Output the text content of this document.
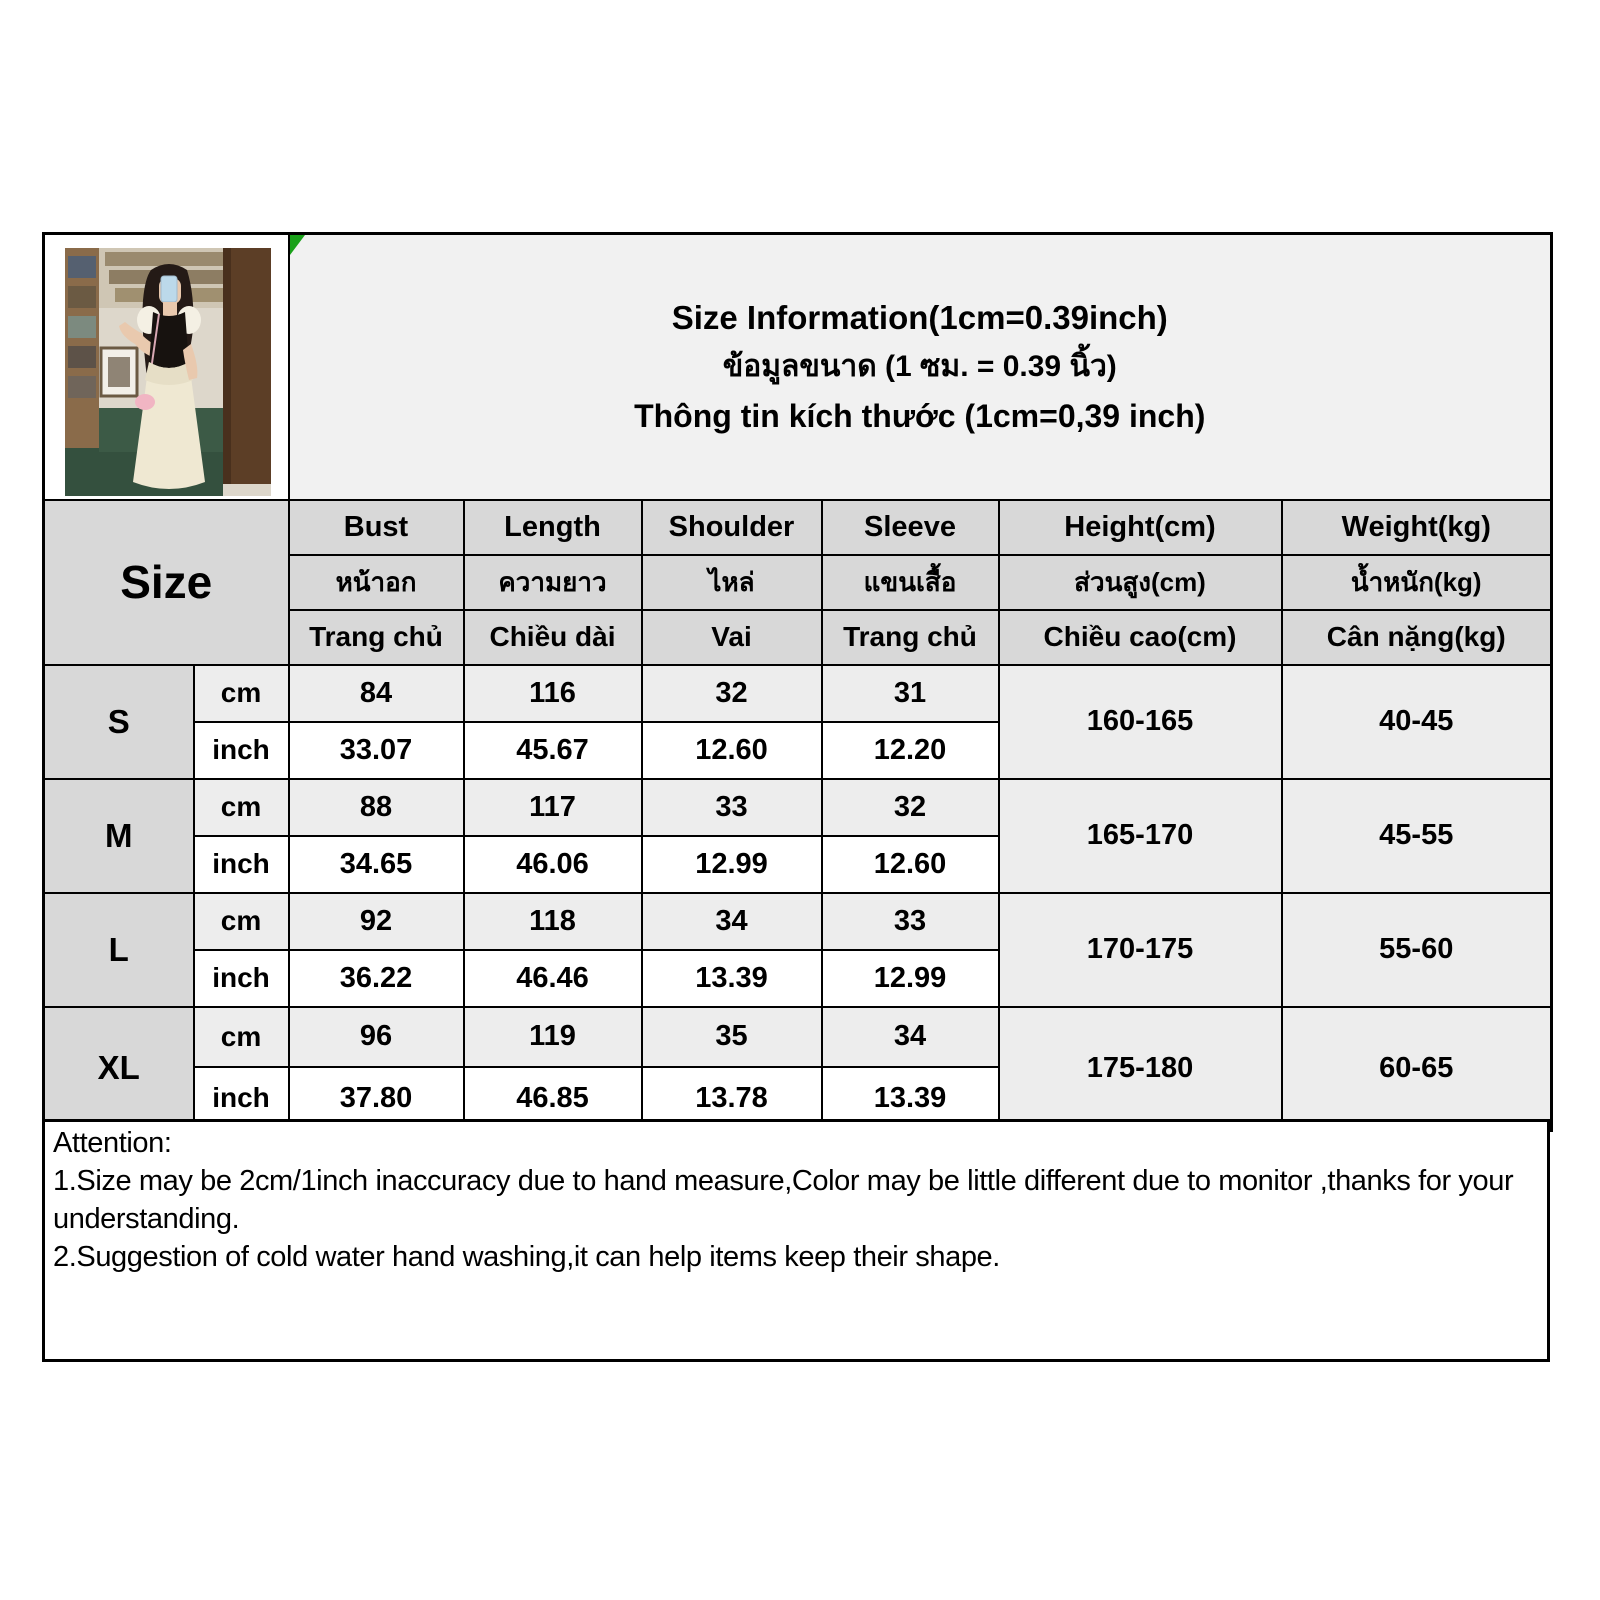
Size Information(1cm=0.39inch)
ข้อมูลขนาด (1 ซม. = 0.39 นิ้ว)
Thông tin kích thước (1cm=0,39 inch)					

Size		Bust	Length	Shoulder	Sleeve	Height(cm)	Weight(kg)
		หน้าอก	ความยาว	ไหล่	แขนเสื้อ	ส่วนสูง(cm)	น้ำหนัก(kg)
		Trang chủ	Chiều dài	Vai	Trang chủ	Chiều cao(cm)	Cân nặng(kg)
S	cm	84	116	32	31	160-165	40-45
	inch	33.07	45.67	12.60	12.20		
M	cm	88	117	33	32	165-170	45-55
	inch	34.65	46.06	12.99	12.60		
L	cm	92	118	34	33	170-175	55-60
	inch	36.22	46.46	13.39	12.99		
XL	cm	96	119	35	34	175-180	60-65
	inch	37.80	46.85	13.78	13.39		

Attention:

1.Size may be 2cm/1inch inaccuracy due to hand measure,Color may be little different due to monitor ,thanks for your understanding.

2.Suggestion of cold water hand washing,it can help items keep their shape.
